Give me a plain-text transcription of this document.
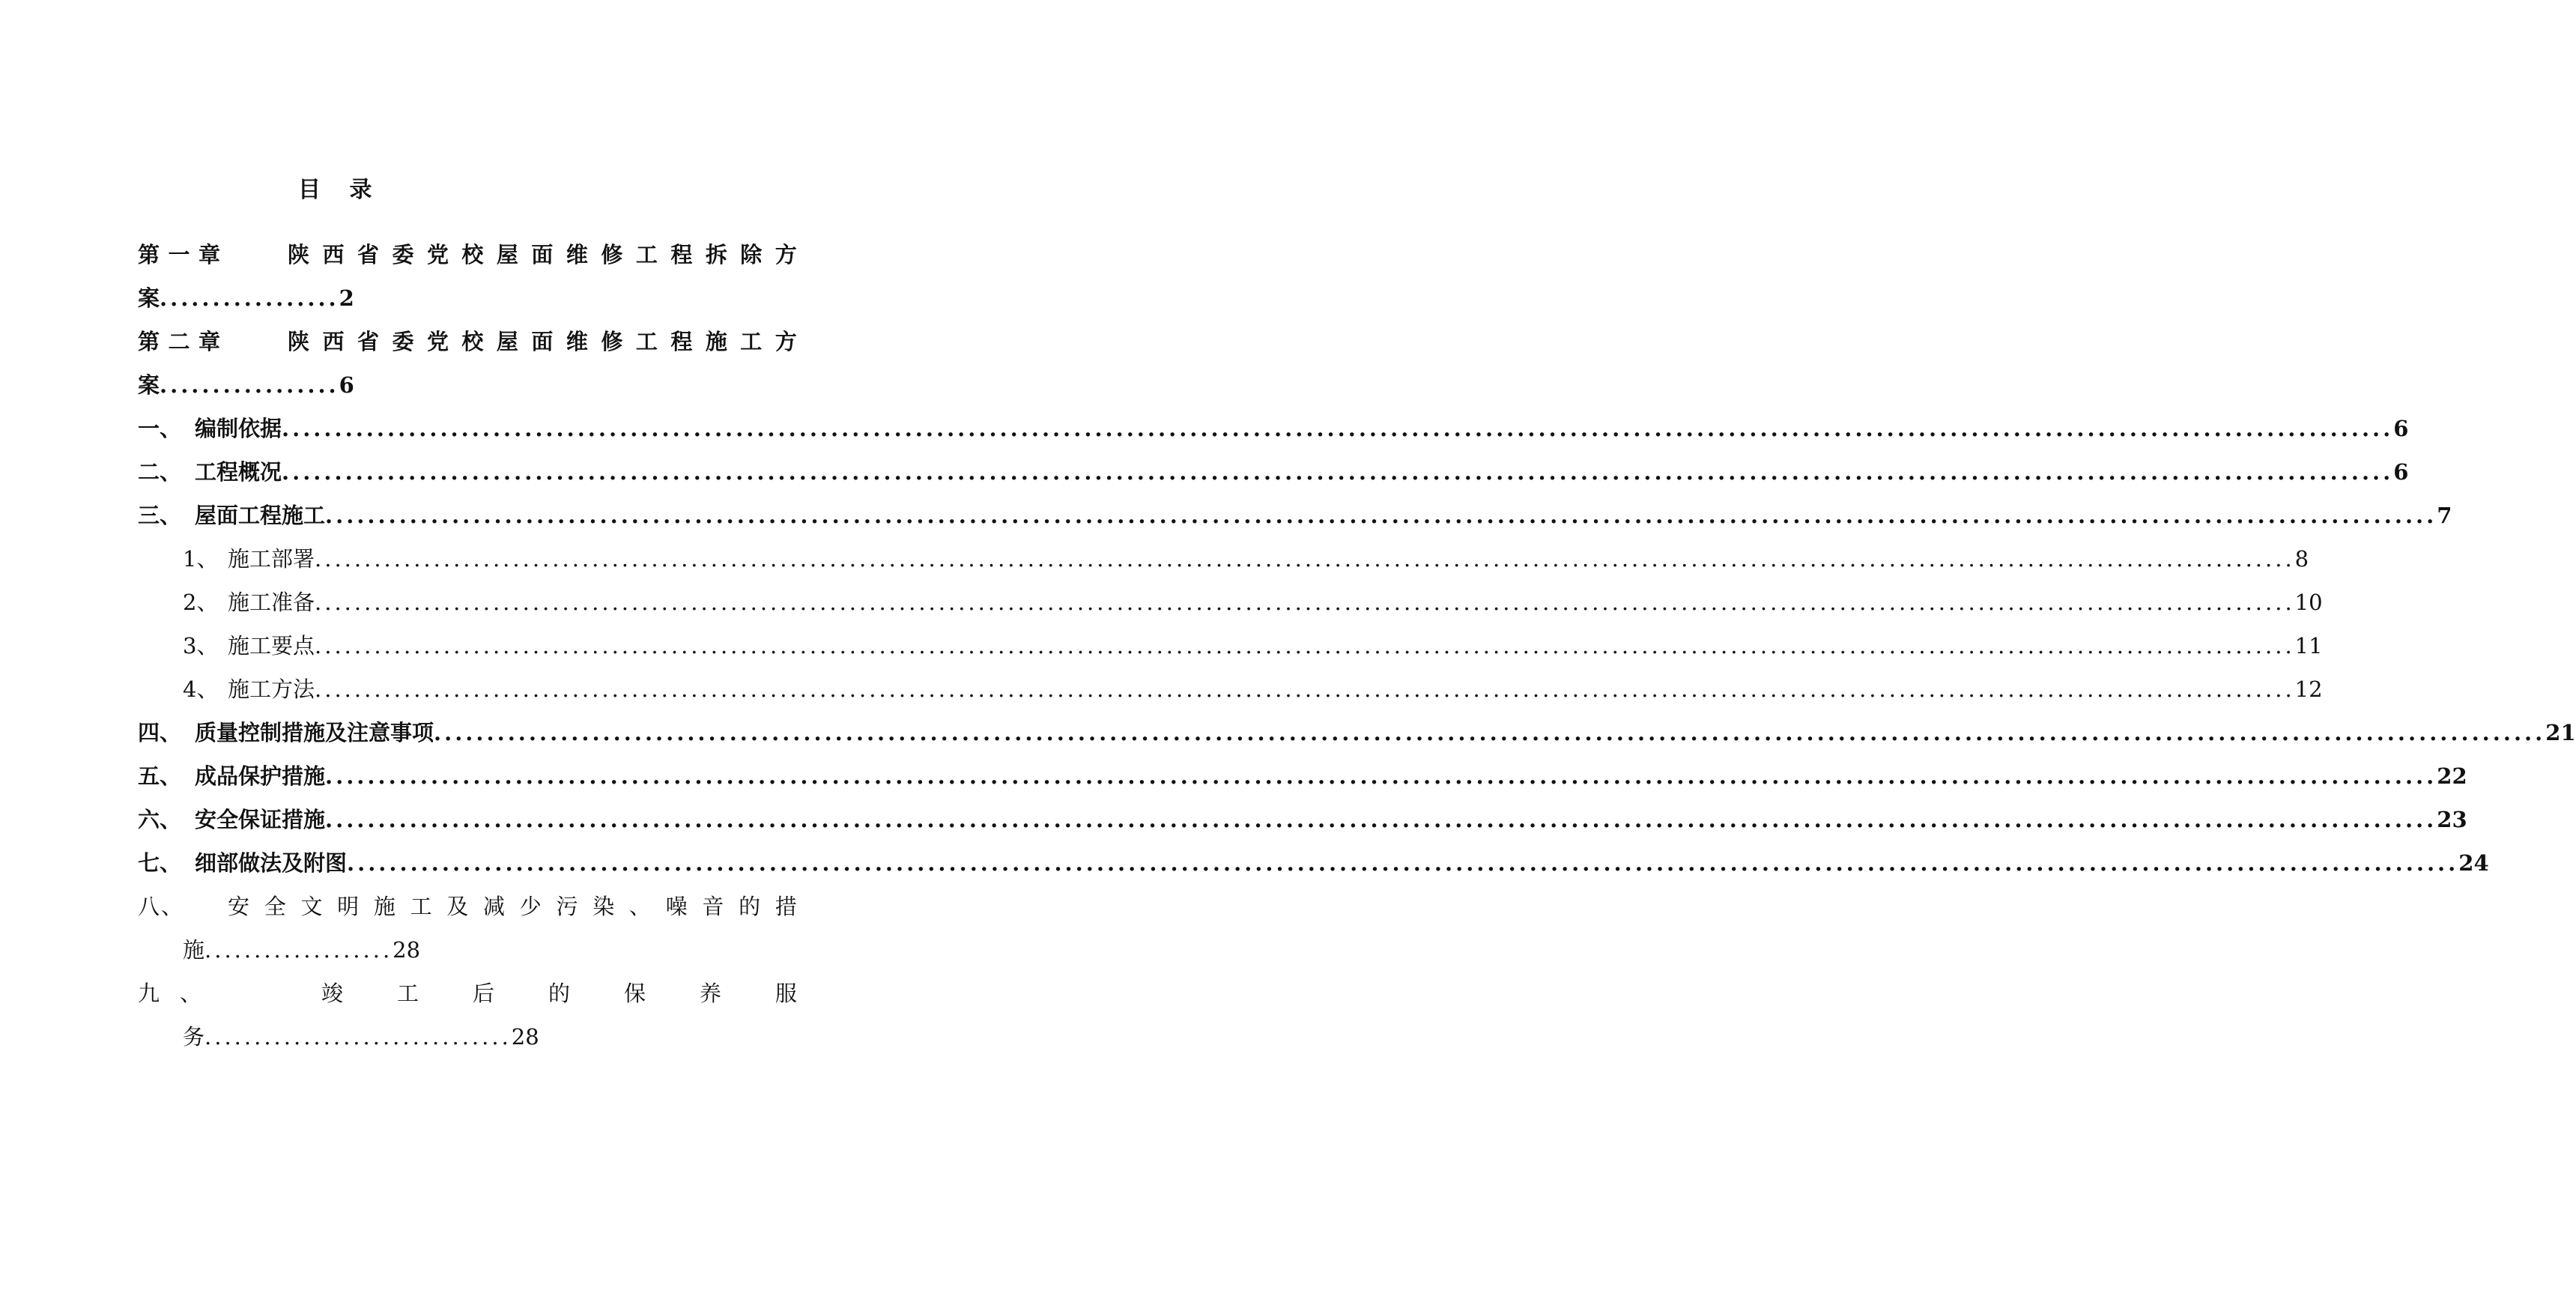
目 录
第 一 章	陕 西 省 委 党 校 屋 面 维 修 工 程 拆 除 方
案.................2
第 二 章	陕 西 省 委 党 校 屋 面 维 修 工 程 施 工 方
案.................6
一、 编制依据 ........................................................................................................................................................................................................ 6
二、 工程概况 ........................................................................................................................................................................................................ 6
三、 屋面工程施工 ........................................................................................................................................................................................................ 7
1、 施工部署 ........................................................................................................................................................................................................ 8
2、 施工准备 ........................................................................................................................................................................................................ 10
3、 施工要点 ........................................................................................................................................................................................................ 11
4、 施工方法 ........................................................................................................................................................................................................ 12
四、 质量控制措施及注意事项 ........................................................................................................................................................................................................ 21
五、 成品保护措施 ........................................................................................................................................................................................................ 22
六、 安全保证措施 ........................................................................................................................................................................................................ 23
七、 细部做法及附图 ........................................................................................................................................................................................................ 24
八 、 安 全 文 明 施 工 及 减 少 污 染 、 噪 音 的 措
施...................28
九 、	竣 工 后 的 保 养 服
务...............................28
